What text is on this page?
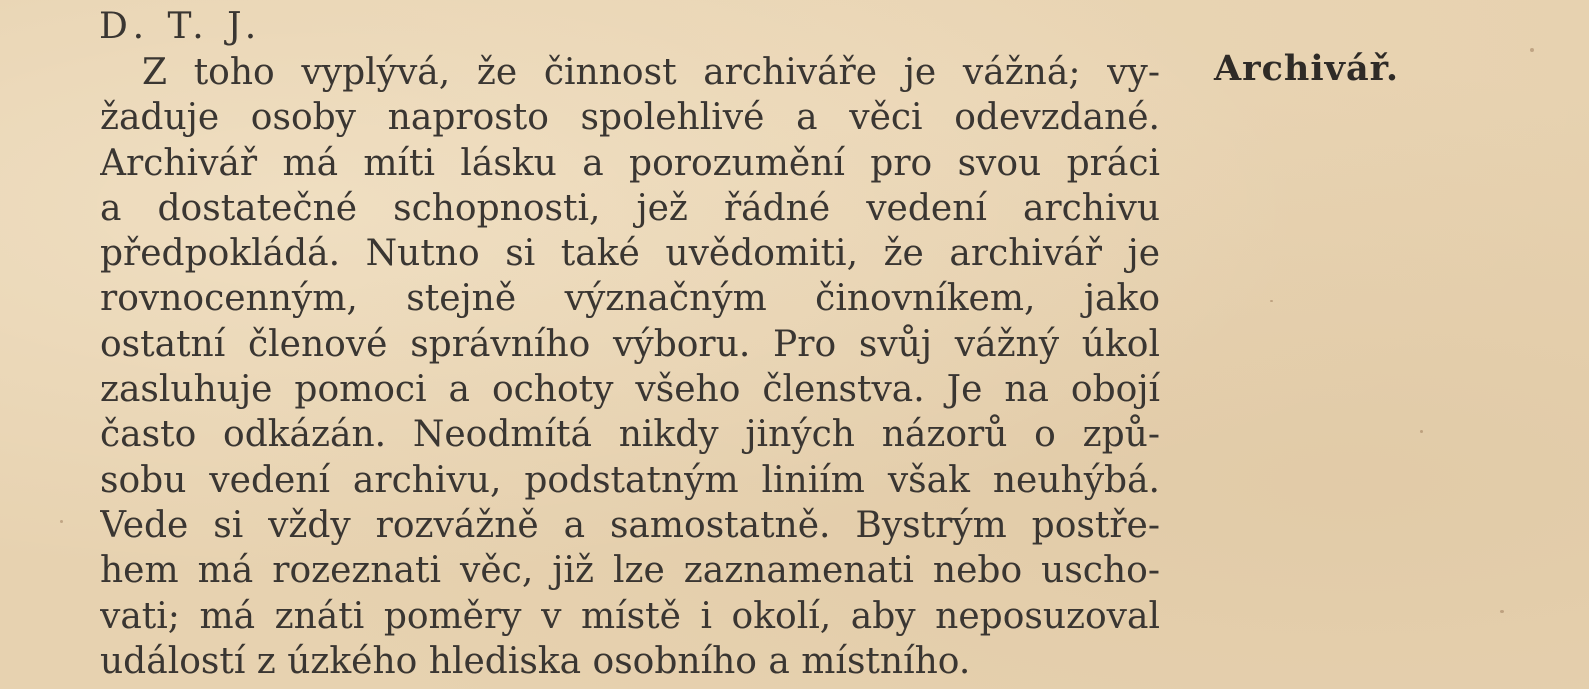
D. T. J.
Z toho vyplývá, že činnost archiváře je vážná; vy-
žaduje osoby naprosto spolehlivé a věci odevzdané.
Archivář má míti lásku a porozumění pro svou práci
a dostatečné schopnosti, jež řádné vedení archivu
předpokládá. Nutno si také uvědomiti, že archivář je
rovnocenným, stejně význačným činovníkem, jako
ostatní členové správního výboru. Pro svůj vážný úkol
zasluhuje pomoci a ochoty všeho členstva. Je na obojí
často odkázán. Neodmítá nikdy jiných názorů o způ-
sobu vedení archivu, podstatným liniím však neuhýbá.
Vede si vždy rozvážně a samostatně. Bystrým postře-
hem má rozeznati věc, již lze zaznamenati nebo uscho-
vati; má znáti poměry v místě i okolí, aby neposuzoval
událostí z úzkého hlediska osobního a místního.
Archivář.
